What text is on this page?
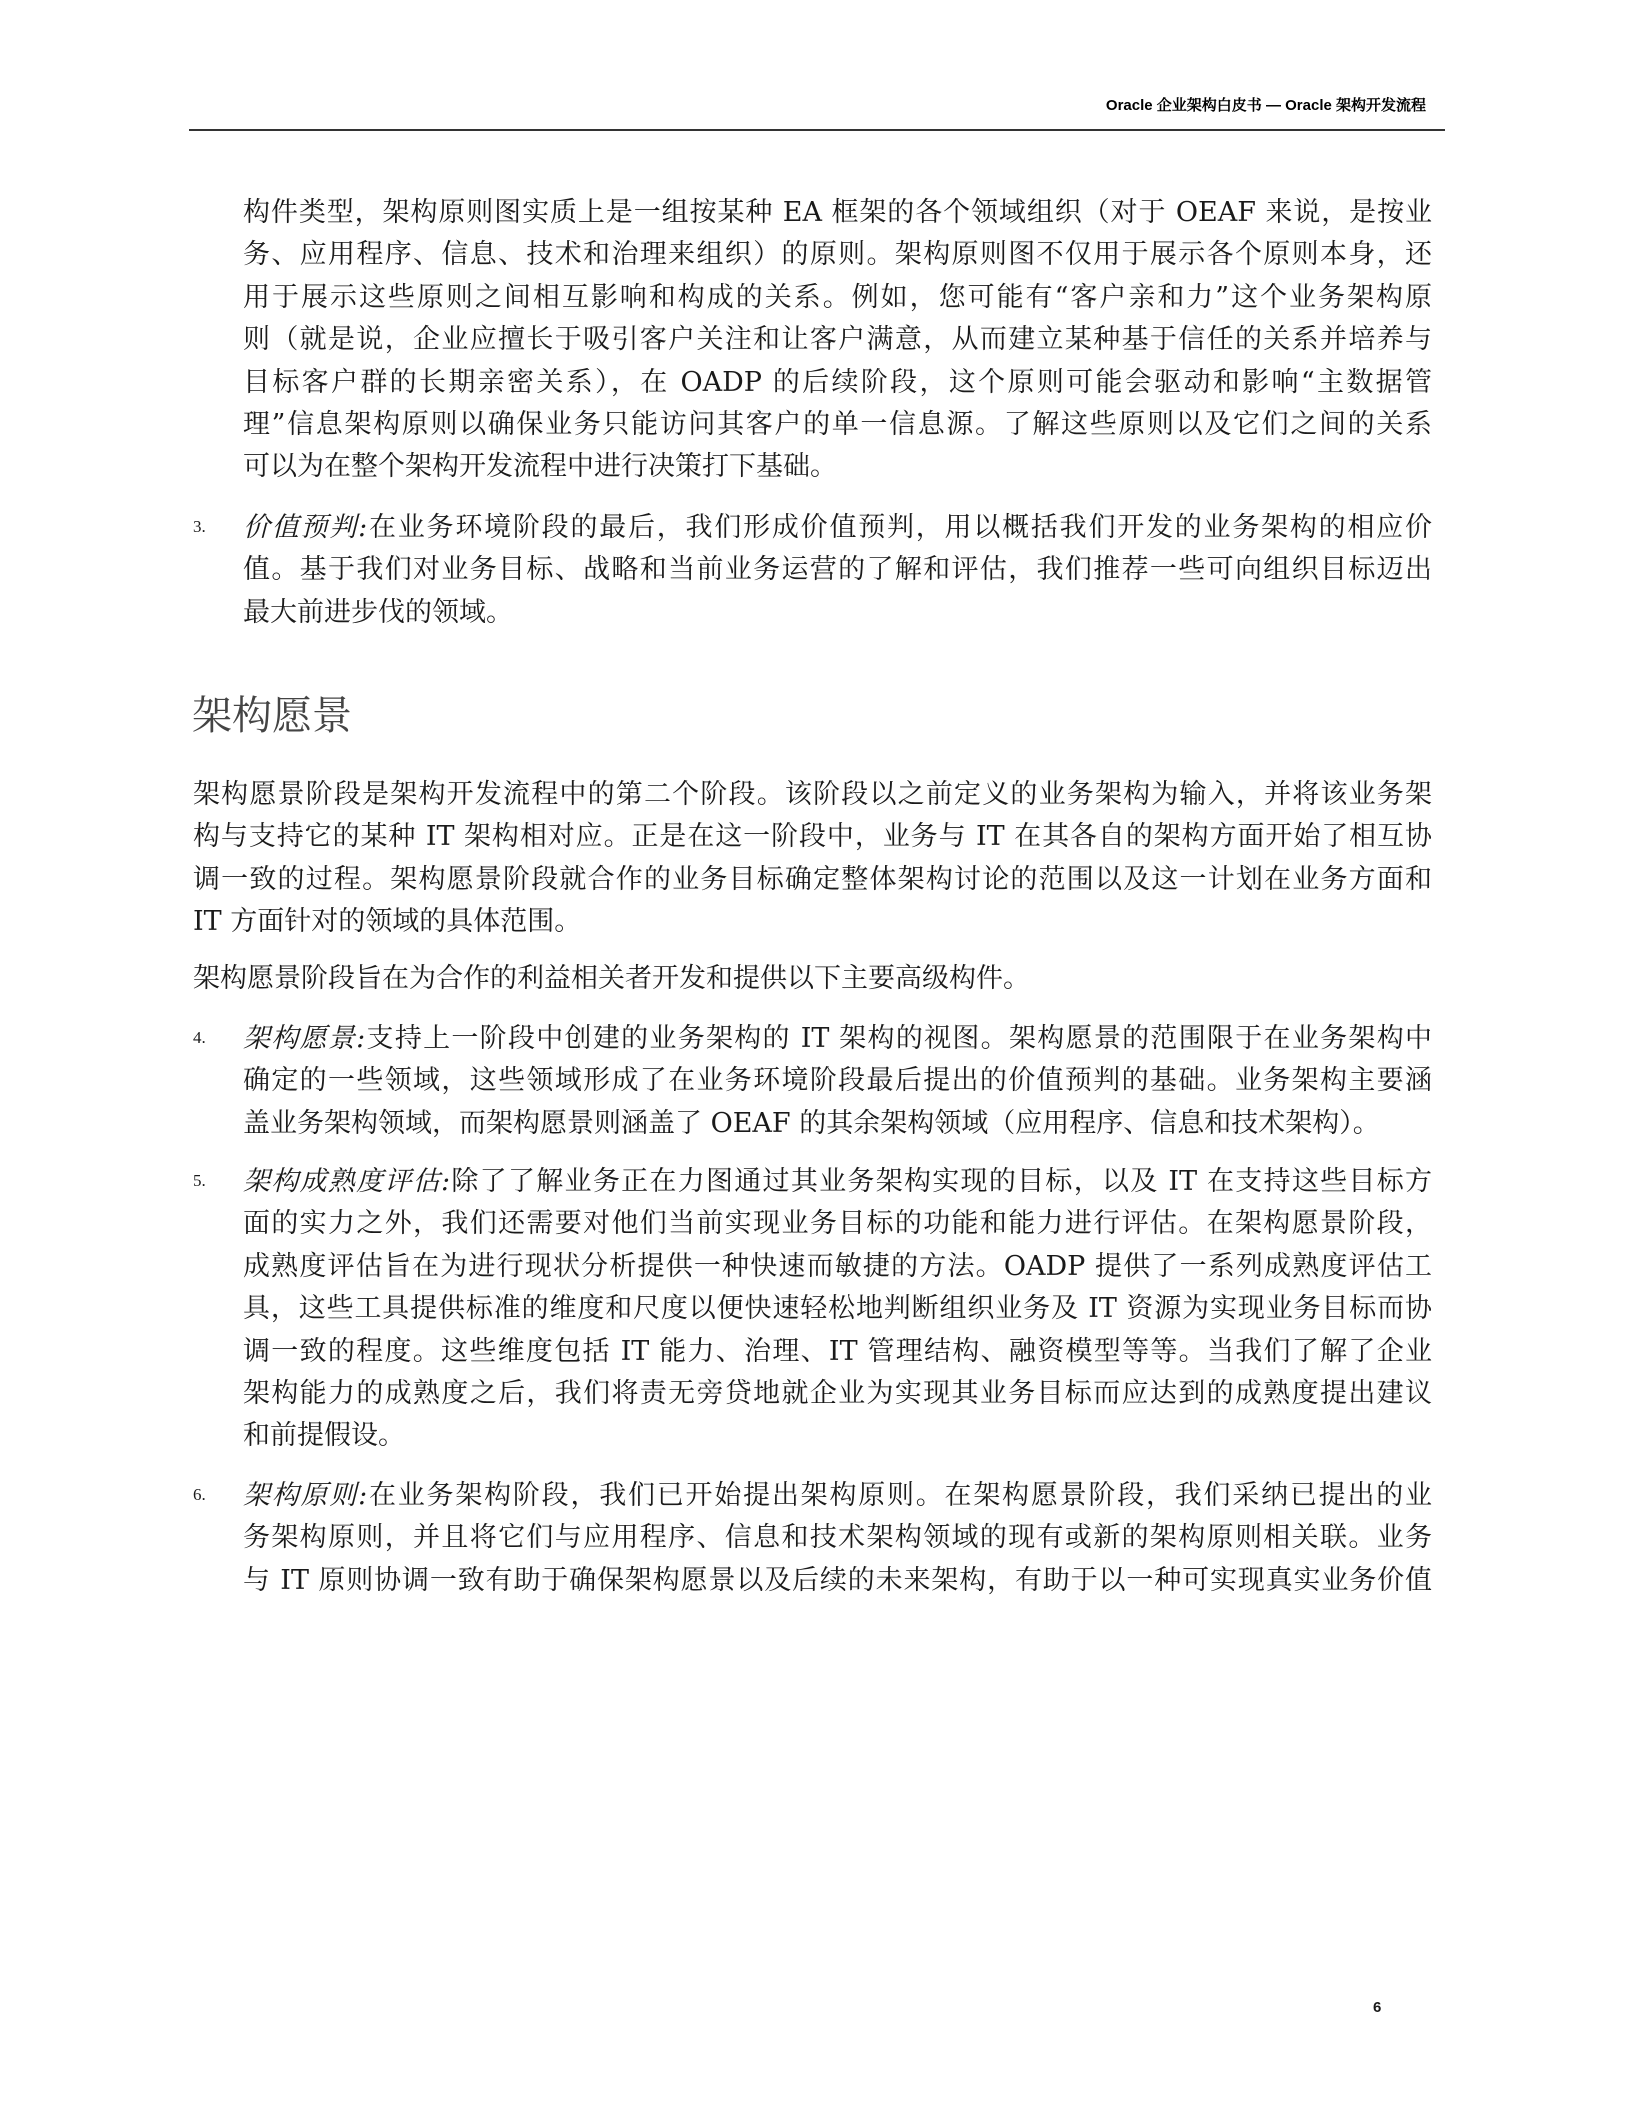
Oracle 企业架构白皮书 — Oracle 架构开发流程
构件类型，架构原则图实质上是一组按某种 EA 框架的各个领域组织（对于 OEAF 来说，是按业
务、应用程序、信息、技术和治理来组织）的原则。架构原则图不仅用于展示各个原则本身，还
用于展示这些原则之间相互影响和构成的关系。例如，您可能有“客户亲和力”这个业务架构原
则（就是说，企业应擅长于吸引客户关注和让客户满意，从而建立某种基于信任的关系并培养与
目标客户群的长期亲密关系），在 OADP 的后续阶段，这个原则可能会驱动和影响“主数据管
理”信息架构原则以确保业务只能访问其客户的单一信息源。了解这些原则以及它们之间的关系
可以为在整个架构开发流程中进行决策打下基础。
3. 价值预判:在业务环境阶段的最后，我们形成价值预判，用以概括我们开发的业务架构的相应价
值。基于我们对业务目标、战略和当前业务运营的了解和评估，我们推荐一些可向组织目标迈出
最大前进步伐的领域。
架构愿景
架构愿景阶段是架构开发流程中的第二个阶段。该阶段以之前定义的业务架构为输入，并将该业务架
构与支持它的某种 IT 架构相对应。正是在这一阶段中，业务与 IT 在其各自的架构方面开始了相互协
调一致的过程。架构愿景阶段就合作的业务目标确定整体架构讨论的范围以及这一计划在业务方面和
IT 方面针对的领域的具体范围。
架构愿景阶段旨在为合作的利益相关者开发和提供以下主要高级构件。
4. 架构愿景:支持上一阶段中创建的业务架构的 IT 架构的视图。架构愿景的范围限于在业务架构中
确定的一些领域，这些领域形成了在业务环境阶段最后提出的价值预判的基础。业务架构主要涵
盖业务架构领域，而架构愿景则涵盖了 OEAF 的其余架构领域（应用程序、信息和技术架构）。
5. 架构成熟度评估:除了了解业务正在力图通过其业务架构实现的目标，以及 IT 在支持这些目标方
面的实力之外，我们还需要对他们当前实现业务目标的功能和能力进行评估。在架构愿景阶段，
成熟度评估旨在为进行现状分析提供一种快速而敏捷的方法。OADP 提供了一系列成熟度评估工
具，这些工具提供标准的维度和尺度以便快速轻松地判断组织业务及 IT 资源为实现业务目标而协
调一致的程度。这些维度包括 IT 能力、治理、IT 管理结构、融资模型等等。当我们了解了企业
架构能力的成熟度之后，我们将责无旁贷地就企业为实现其业务目标而应达到的成熟度提出建议
和前提假设。
6. 架构原则:在业务架构阶段，我们已开始提出架构原则。在架构愿景阶段，我们采纳已提出的业
务架构原则，并且将它们与应用程序、信息和技术架构领域的现有或新的架构原则相关联。业务
与 IT 原则协调一致有助于确保架构愿景以及后续的未来架构，有助于以一种可实现真实业务价值
6
